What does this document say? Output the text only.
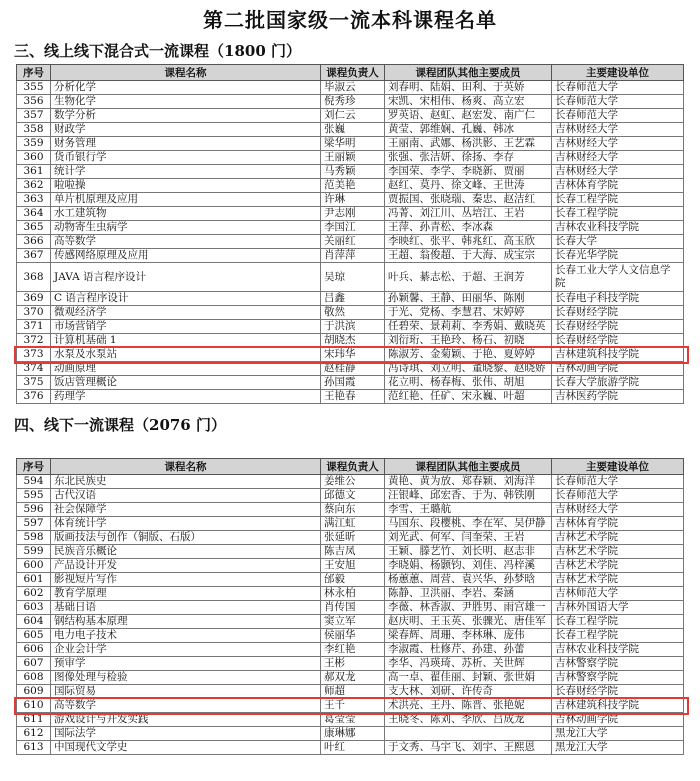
第二批国家级一流本科课程名单
三、线上线下混合式一流课程（1800 门）
序号	课程名称	课程负责人	课程团队其他主要成员	主要建设单位
355	分析化学	毕淑云	刘春明、陆娟、田利、于英娇	长春师范大学
356	生物化学	倪秀珍	宋凯、宋相伟、杨爽、高立宏	长春师范大学
357	数学分析	刘仁云	罗英语、赵虹、赵宏发、南广仁	长春师范大学
358	财政学	张巍	黄莹、郭维娴、孔巍、韩冰	吉林财经大学
359	财务管理	梁华明	王丽南、武娜、杨洪影、王艺霖	吉林财经大学
360	货币银行学	王丽颖	张强、张洁妍、徐扬、李存	吉林财经大学
361	统计学	马秀颖	李国荣、李学、李晓新、贾丽	吉林财经大学
362	啦啦操	范美艳	赵红、莫丹、徐文峰、王世涛	吉林体育学院
363	单片机原理及应用	许琳	贾振国、张晓瑞、秦忠、赵洁红	长春工程学院
364	水工建筑物	尹志刚	冯菁、刘江川、丛培江、王岩	长春工程学院
365	动物寄生虫病学	李国江	王萍、孙青松、李冰森	吉林农业科技学院
366	高等数学	关丽红	李映红、张平、韩兆红、高玉欣	长春大学
367	传感网络原理及应用	肖萍萍	王超、翁俊超、于大海、成宝宗	长春光华学院
368	JAVA 语言程序设计	吴琼	叶兵、綦志松、于超、王润芳	长春工业大学人文信息学院
369	C 语言程序设计	吕鑫	孙颖馨、王静、田丽华、陈刚	长春电子科技学院
370	微观经济学	敬然	于光、党杨、李慧君、宋婷婷	长春财经学院
371	市场营销学	于洪滨	任碧荣、景莉莉、李秀娟、戴晓英	长春财经学院
372	计算机基础 1	胡晓杰	刘衍珩、王艳玲、杨石、初晓	长春财经学院
373	水泵及水泵站	宋玮华	陈淑芳、金菊颖、于艳、夏婷婷	吉林建筑科技学院
374	动画原理	赵桂静	冯诗琪、刘立明、董晓黎、赵晓娇	吉林动画学院
375	饭店管理概论	孙国霞	花立明、杨春梅、张伟、胡旭	长春大学旅游学院
376	药理学	王艳春	范红艳、任矿、宋永巍、叶超	吉林医药学院
四、线下一流课程（2076 门）
序号	课程名称	课程负责人	课程团队其他主要成员	主要建设单位
594	东北民族史	姜维公	黄艳、黄为放、郑春颖、刘海洋	长春师范大学
595	古代汉语	邱德文	汪银峰、邱宏香、于为、韩铁刚	长春师范大学
596	社会保障学	蔡向东	李雪、王璐航	吉林财经大学
597	体育统计学	满江虹	马国东、段樱桃、李在军、吴伊静	吉林体育学院
598	版画技法与创作（铜版、石版）	张延昕	刘光武、何军、闫奎荣、王岩	吉林艺术学院
599	民族音乐概论	陈吉凤	王颖、滕艺竹、刘长明、赵志非	吉林艺术学院
600	产品设计开发	王安旭	李晓娟、杨颢钧、刘佳、冯梓溪	吉林艺术学院
601	影视短片写作	邰毅	杨蕙蕙、周营、袁兴华、孙梦晗	吉林艺术学院
602	教育学原理	林永柏	陈静、卫洪丽、李岩、秦涵	吉林师范大学
603	基础日语	肖传国	李薇、林香淑、尹胜男、雨宫雄一	吉林外国语大学
604	钢结构基本原理	窦立军	赵庆明、王玉英、张骤光、唐佳军	长春工程学院
605	电力电子技术	侯丽华	梁春辉、周珊、李林琳、庞伟	长春工程学院
606	企业会计学	李红艳	李淑霞、杜修芹、孙建、孙蕾	吉林农业科技学院
607	预审学	王彬	李华、冯瑛琦、苏析、关世辉	吉林警察学院
608	图像处理与检验	郝双龙	高一卓、翟佳丽、封颖、张世娟	吉林警察学院
609	国际贸易	师超	支大林、刘研、许传奇	长春财经学院
610	高等数学	王千	术洪亮、王丹、陈晋、张艳妮	吉林建筑科技学院
611	游戏设计与开发实践	葛莹莹	王晓冬、陈刘、李欣、吕成龙	吉林动画学院
612	国际法学	康琳娜		黑龙江大学
613	中国现代文学史	叶红	于文秀、马宇飞、刘宇、王熙恩	黑龙江大学
